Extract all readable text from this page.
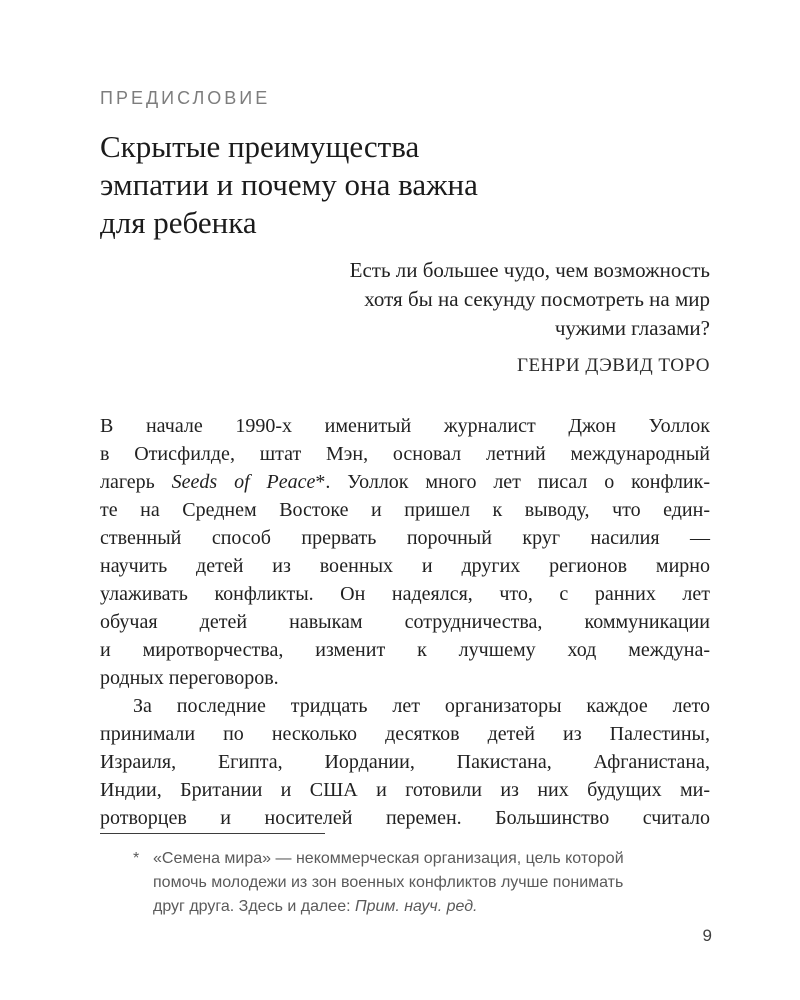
ПРЕДИСЛОВИЕ
Скрытые преимущества
эмпатии и почему она важна
для ребенка
Есть ли большее чудо, чем возможность
хотя бы на секунду посмотреть на мир
чужими глазами?
ГЕНРИ ДЭВИД ТОРО
В начале 1990-х именитый журналист Джон Уоллок
в Отисфилде, штат Мэн, основал летний международный
лагерь Seeds of Peace*. Уоллок много лет писал о конфлик-
те на Среднем Востоке и пришел к выводу, что един-
ственный способ прервать порочный круг насилия —
научить детей из военных и других регионов мирно
улаживать конфликты. Он надеялся, что, с ранних лет
обучая детей навыкам сотрудничества, коммуникации
и миротворчества, изменит к лучшему ход междуна-
родных переговоров.
За последние тридцать лет организаторы каждое лето
принимали по несколько десятков детей из Палестины,
Израиля, Египта, Иордании, Пакистана, Афганистана,
Индии, Британии и США и готовили из них будущих ми-
ротворцев и носителей перемен. Большинство считало
* «Семена мира» — некоммерческая организация, цель которой
помочь молодежи из зон военных конфликтов лучше понимать
друг друга. Здесь и далее: Прим. науч. ред.
9
